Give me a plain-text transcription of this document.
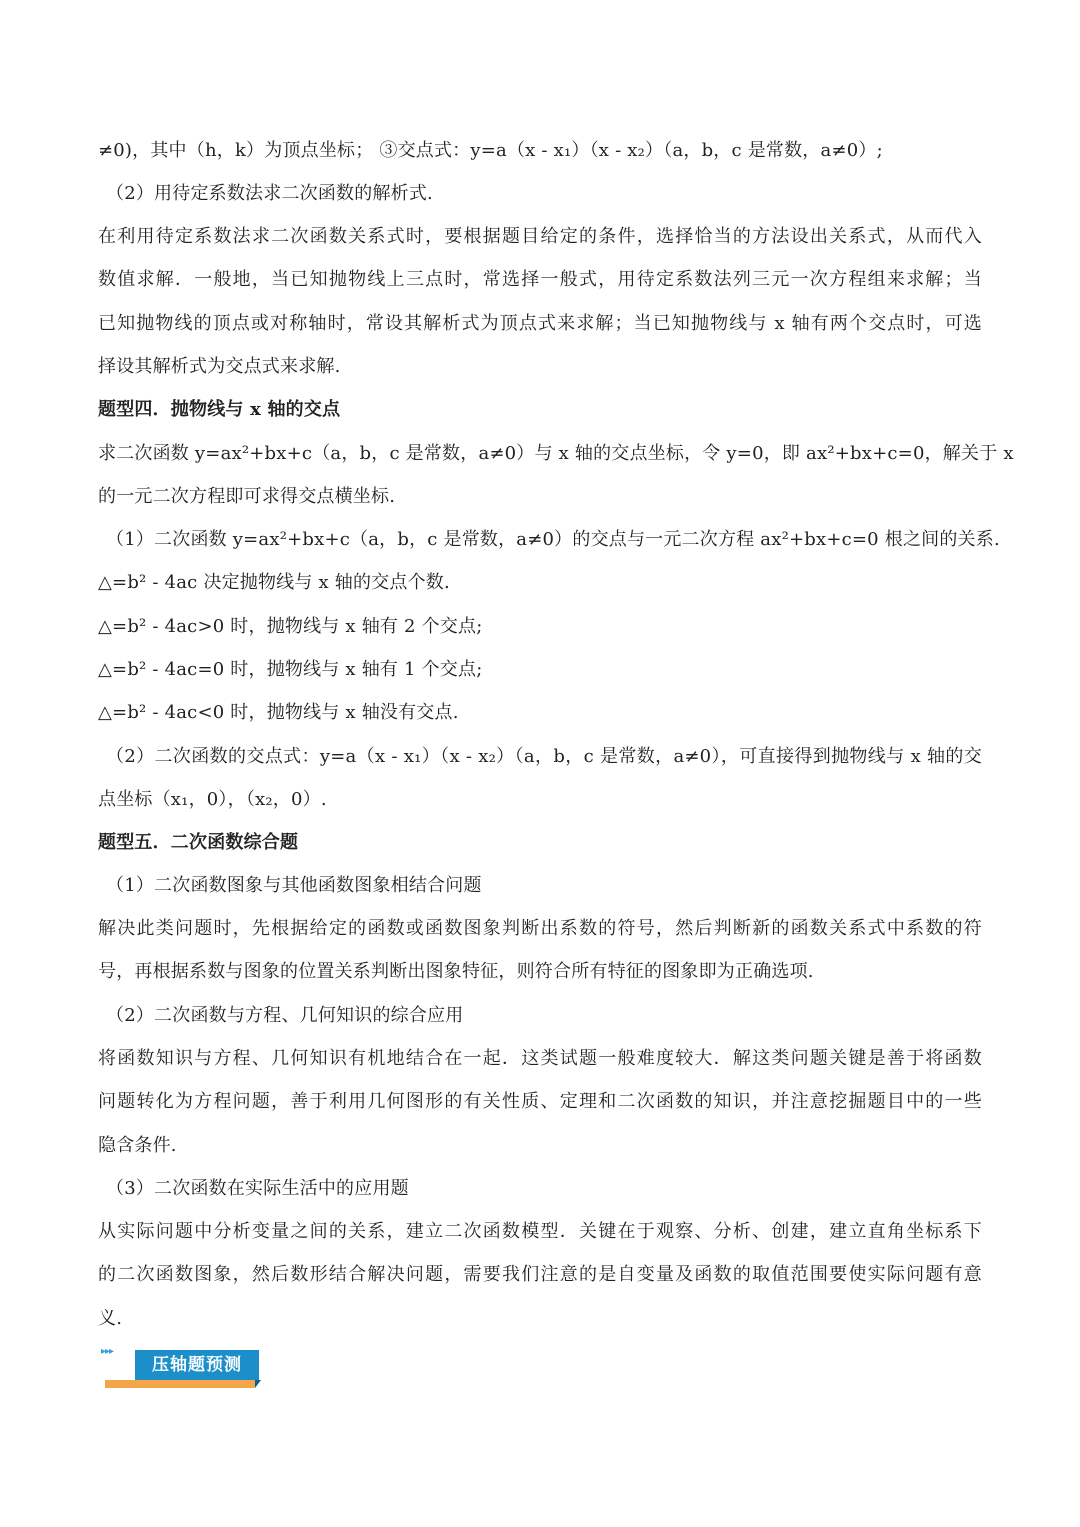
≠0)，其中（h，k）为顶点坐标； ③交点式：y=a（x - x₁）（x - x₂）（a，b，c 是常数，a≠0）;
（2）用待定系数法求二次函数的解析式.
在利用待定系数法求二次函数关系式时，要根据题目给定的条件，选择恰当的方法设出关系式，从而代入
数值求解．一般地，当已知抛物线上三点时，常选择一般式，用待定系数法列三元一次方程组来求解；当
已知抛物线的顶点或对称轴时，常设其解析式为顶点式来求解；当已知抛物线与 x 轴有两个交点时，可选
择设其解析式为交点式来求解.
题型四．抛物线与 x 轴的交点
求二次函数 y=ax²+bx+c（a，b，c 是常数，a≠0）与 x 轴的交点坐标，令 y=0，即 ax²+bx+c=0，解关于 x
的一元二次方程即可求得交点横坐标.
（1）二次函数 y=ax²+bx+c（a，b，c 是常数，a≠0）的交点与一元二次方程 ax²+bx+c=0 根之间的关系.
△=b² - 4ac 决定抛物线与 x 轴的交点个数.
△=b² - 4ac>0 时，抛物线与 x 轴有 2 个交点;
△=b² - 4ac=0 时，抛物线与 x 轴有 1 个交点;
△=b² - 4ac<0 时，抛物线与 x 轴没有交点.
（2）二次函数的交点式：y=a（x - x₁）（x - x₂）（a，b，c 是常数，a≠0），可直接得到抛物线与 x 轴的交
点坐标（x₁，0），（x₂，0）.
题型五．二次函数综合题
（1）二次函数图象与其他函数图象相结合问题
解决此类问题时，先根据给定的函数或函数图象判断出系数的符号，然后判断新的函数关系式中系数的符
号，再根据系数与图象的位置关系判断出图象特征，则符合所有特征的图象即为正确选项.
（2）二次函数与方程、几何知识的综合应用
将函数知识与方程、几何知识有机地结合在一起．这类试题一般难度较大．解这类问题关键是善于将函数
问题转化为方程问题，善于利用几何图形的有关性质、定理和二次函数的知识，并注意挖掘题目中的一些
隐含条件.
（3）二次函数在实际生活中的应用题
从实际问题中分析变量之间的关系，建立二次函数模型．关键在于观察、分析、创建，建立直角坐标系下
的二次函数图象，然后数形结合解决问题，需要我们注意的是自变量及函数的取值范围要使实际问题有意
义.
▸▸▸
压轴题预测
